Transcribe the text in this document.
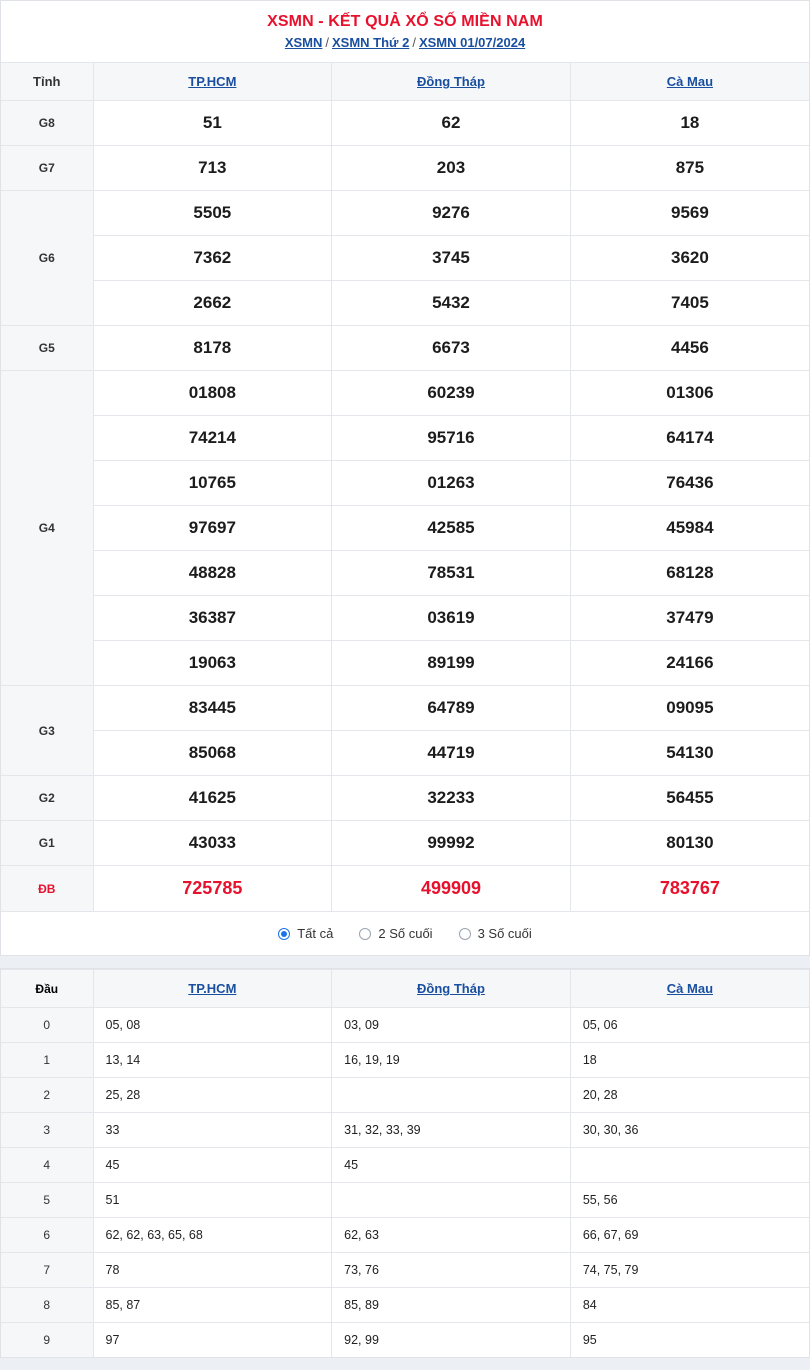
XSMN - KẾT QUẢ XỔ SỐ MIỀN NAM
XSMN / XSMN Thứ 2 / XSMN 01/07/2024
Tỉnh	TP.HCM	Đồng Tháp	Cà Mau
G8	51	62	18
G7	713	203	875
G6	5505	9276	9569
	7362	3745	3620
	2662	5432	7405
G5	8178	6673	4456
G4	01808	60239	01306
	74214	95716	64174
	10765	01263	76436
	97697	42585	45984
	48828	78531	68128
	36387	03619	37479
	19063	89199	24166
G3	83445	64789	09095
	85068	44719	54130
G2	41625	32233	56455
G1	43033	99992	80130
ĐB	725785	499909	783767
Tất cả	2 Số cuối	3 Số cuối
Đầu	TP.HCM	Đồng Tháp	Cà Mau
0	05, 08	03, 09	05, 06
1	13, 14	16, 19, 19	18
2	25, 28		20, 28
3	33	31, 32, 33, 39	30, 30, 36
4	45	45	
5	51		55, 56
6	62, 62, 63, 65, 68	62, 63	66, 67, 69
7	78	73, 76	74, 75, 79
8	85, 87	85, 89	84
9	97	92, 99	95
